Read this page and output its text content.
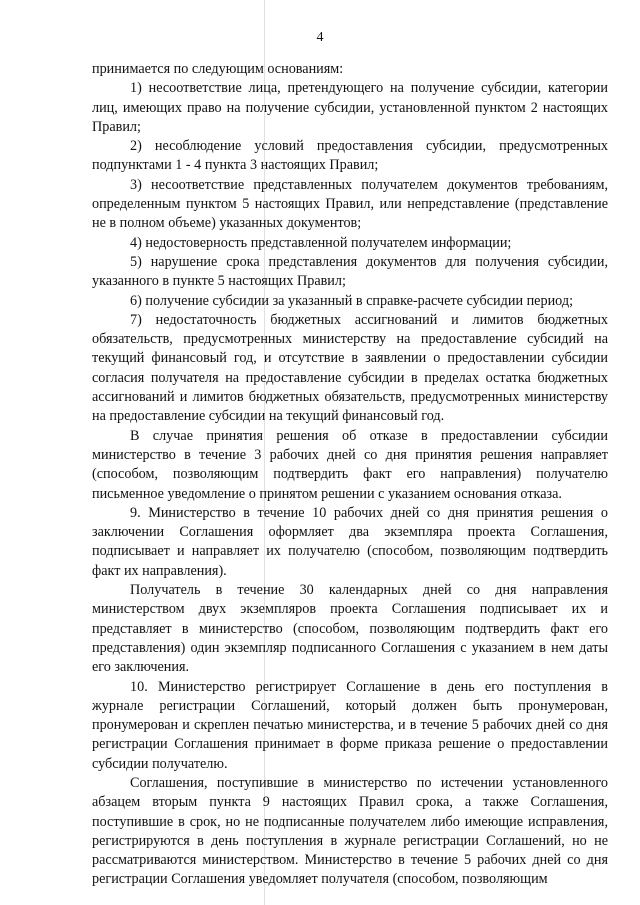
4

принимается по следующим основаниям:

1) несоответствие лица, претендующего на получение субсидии, категории лиц, имеющих право на получение субсидии, установленной пунктом 2 настоящих Правил;

2) несоблюдение условий предоставления субсидии, предусмотренных подпунктами 1 - 4 пункта 3 настоящих Правил;

3) несоответствие представленных получателем документов требованиям, определенным пунктом 5 настоящих Правил, или непредставление (представление не в полном объеме) указанных документов;

4) недостоверность представленной получателем информации;

5) нарушение срока представления документов для получения субсидии, указанного в пункте 5 настоящих Правил;

6) получение субсидии за указанный в справке-расчете субсидии период;

7) недостаточность бюджетных ассигнований и лимитов бюджетных обязательств, предусмотренных министерству на предоставление субсидий на текущий финансовый год, и отсутствие в заявлении о предоставлении субсидии согласия получателя на предоставление субсидии в пределах остатка бюджетных ассигнований и лимитов бюджетных обязательств, предусмотренных министерству на предоставление субсидии на текущий финансовый год.

В случае принятия решения об отказе в предоставлении субсидии министерство в течение 3 рабочих дней со дня принятия решения направляет (способом, позволяющим подтвердить факт его направления) получателю письменное уведомление о принятом решении с указанием основания отказа.

9. Министерство в течение 10 рабочих дней со дня принятия решения о заключении Соглашения оформляет два экземпляра проекта Соглашения, подписывает и направляет их получателю (способом, позволяющим подтвердить факт их направления).

Получатель в течение 30 календарных дней со дня направления министерством двух экземпляров проекта Соглашения подписывает их и представляет в министерство (способом, позволяющим подтвердить факт его представления) один экземпляр подписанного Соглашения с указанием в нем даты его заключения.

10. Министерство регистрирует Соглашение в день его поступления в журнале регистрации Соглашений, который должен быть пронумерован, пронумерован и скреплен печатью министерства, и в течение 5 рабочих дней со дня регистрации Соглашения принимает в форме приказа решение о предоставлении субсидии получателю.

Соглашения, поступившие в министерство по истечении установленного абзацем вторым пункта 9 настоящих Правил срока, а также Соглашения, поступившие в срок, но не подписанные получателем либо имеющие исправления, регистрируются в день поступления в журнале регистрации Соглашений, но не рассматриваются министерством. Министерство в течение 5 рабочих дней со дня регистрации Соглашения уведомляет получателя (способом, позволяющим
